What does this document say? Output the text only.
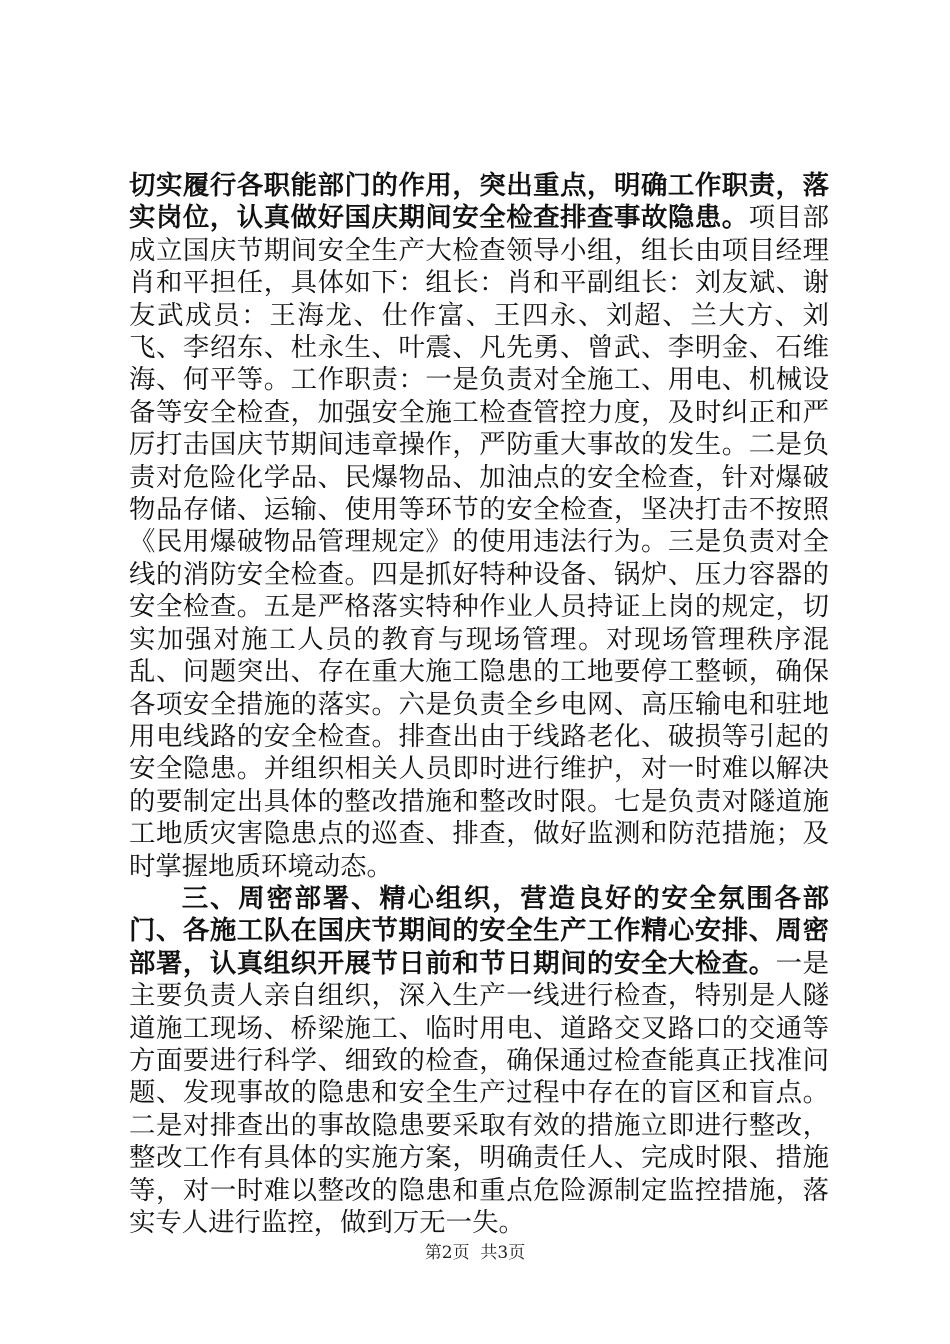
切实履行各职能部门的作用，突出重点，明确工作职责，落实岗位，认真做好国庆期间安全检查排查事故隐患。项目部成立国庆节期间安全生产大检查领导小组，组长由项目经理肖和平担任，具体如下：组长：肖和平副组长：刘友斌、谢友武成员：王海龙、仕作富、王四永、刘超、兰大方、刘飞、李绍东、杜永生、叶震、凡先勇、曾武、李明金、石维海、何平等。工作职责：一是负责对全施工、用电、机械设备等安全检查，加强安全施工检查管控力度，及时纠正和严厉打击国庆节期间违章操作，严防重大事故的发生。二是负责对危险化学品、民爆物品、加油点的安全检查，针对爆破物品存储、运输、使用等环节的安全检查，坚决打击不按照《民用爆破物品管理规定》的使用违法行为。三是负责对全线的消防安全检查。四是抓好特种设备、锅炉、压力容器的安全检查。五是严格落实特种作业人员持证上岗的规定，切实加强对施工人员的教育与现场管理。对现场管理秩序混乱、问题突出、存在重大施工隐患的工地要停工整顿，确保各项安全措施的落实。六是负责全乡电网、高压输电和驻地用电线路的安全检查。排查出由于线路老化、破损等引起的安全隐患。并组织相关人员即时进行维护，对一时难以解决的要制定出具体的整改措施和整改时限。七是负责对隧道施工地质灾害隐患点的巡查、排查，做好监测和防范措施；及时掌握地质环境动态。

三、周密部署、精心组织，营造良好的安全氛围各部门、各施工队在国庆节期间的安全生产工作精心安排、周密部署，认真组织开展节日前和节日期间的安全大检查。一是主要负责人亲自组织，深入生产一线进行检查，特别是人隧道施工现场、桥梁施工、临时用电、道路交叉路口的交通等方面要进行科学、细致的检查，确保通过检查能真正找准问题、发现事故的隐患和安全生产过程中存在的盲区和盲点。二是对排查出的事故隐患要采取有效的措施立即进行整改，整改工作有具体的实施方案，明确责任人、完成时限、措施等，对一时难以整改的隐患和重点危险源制定监控措施，落实专人进行监控，做到万无一失。

第2页  共3页
